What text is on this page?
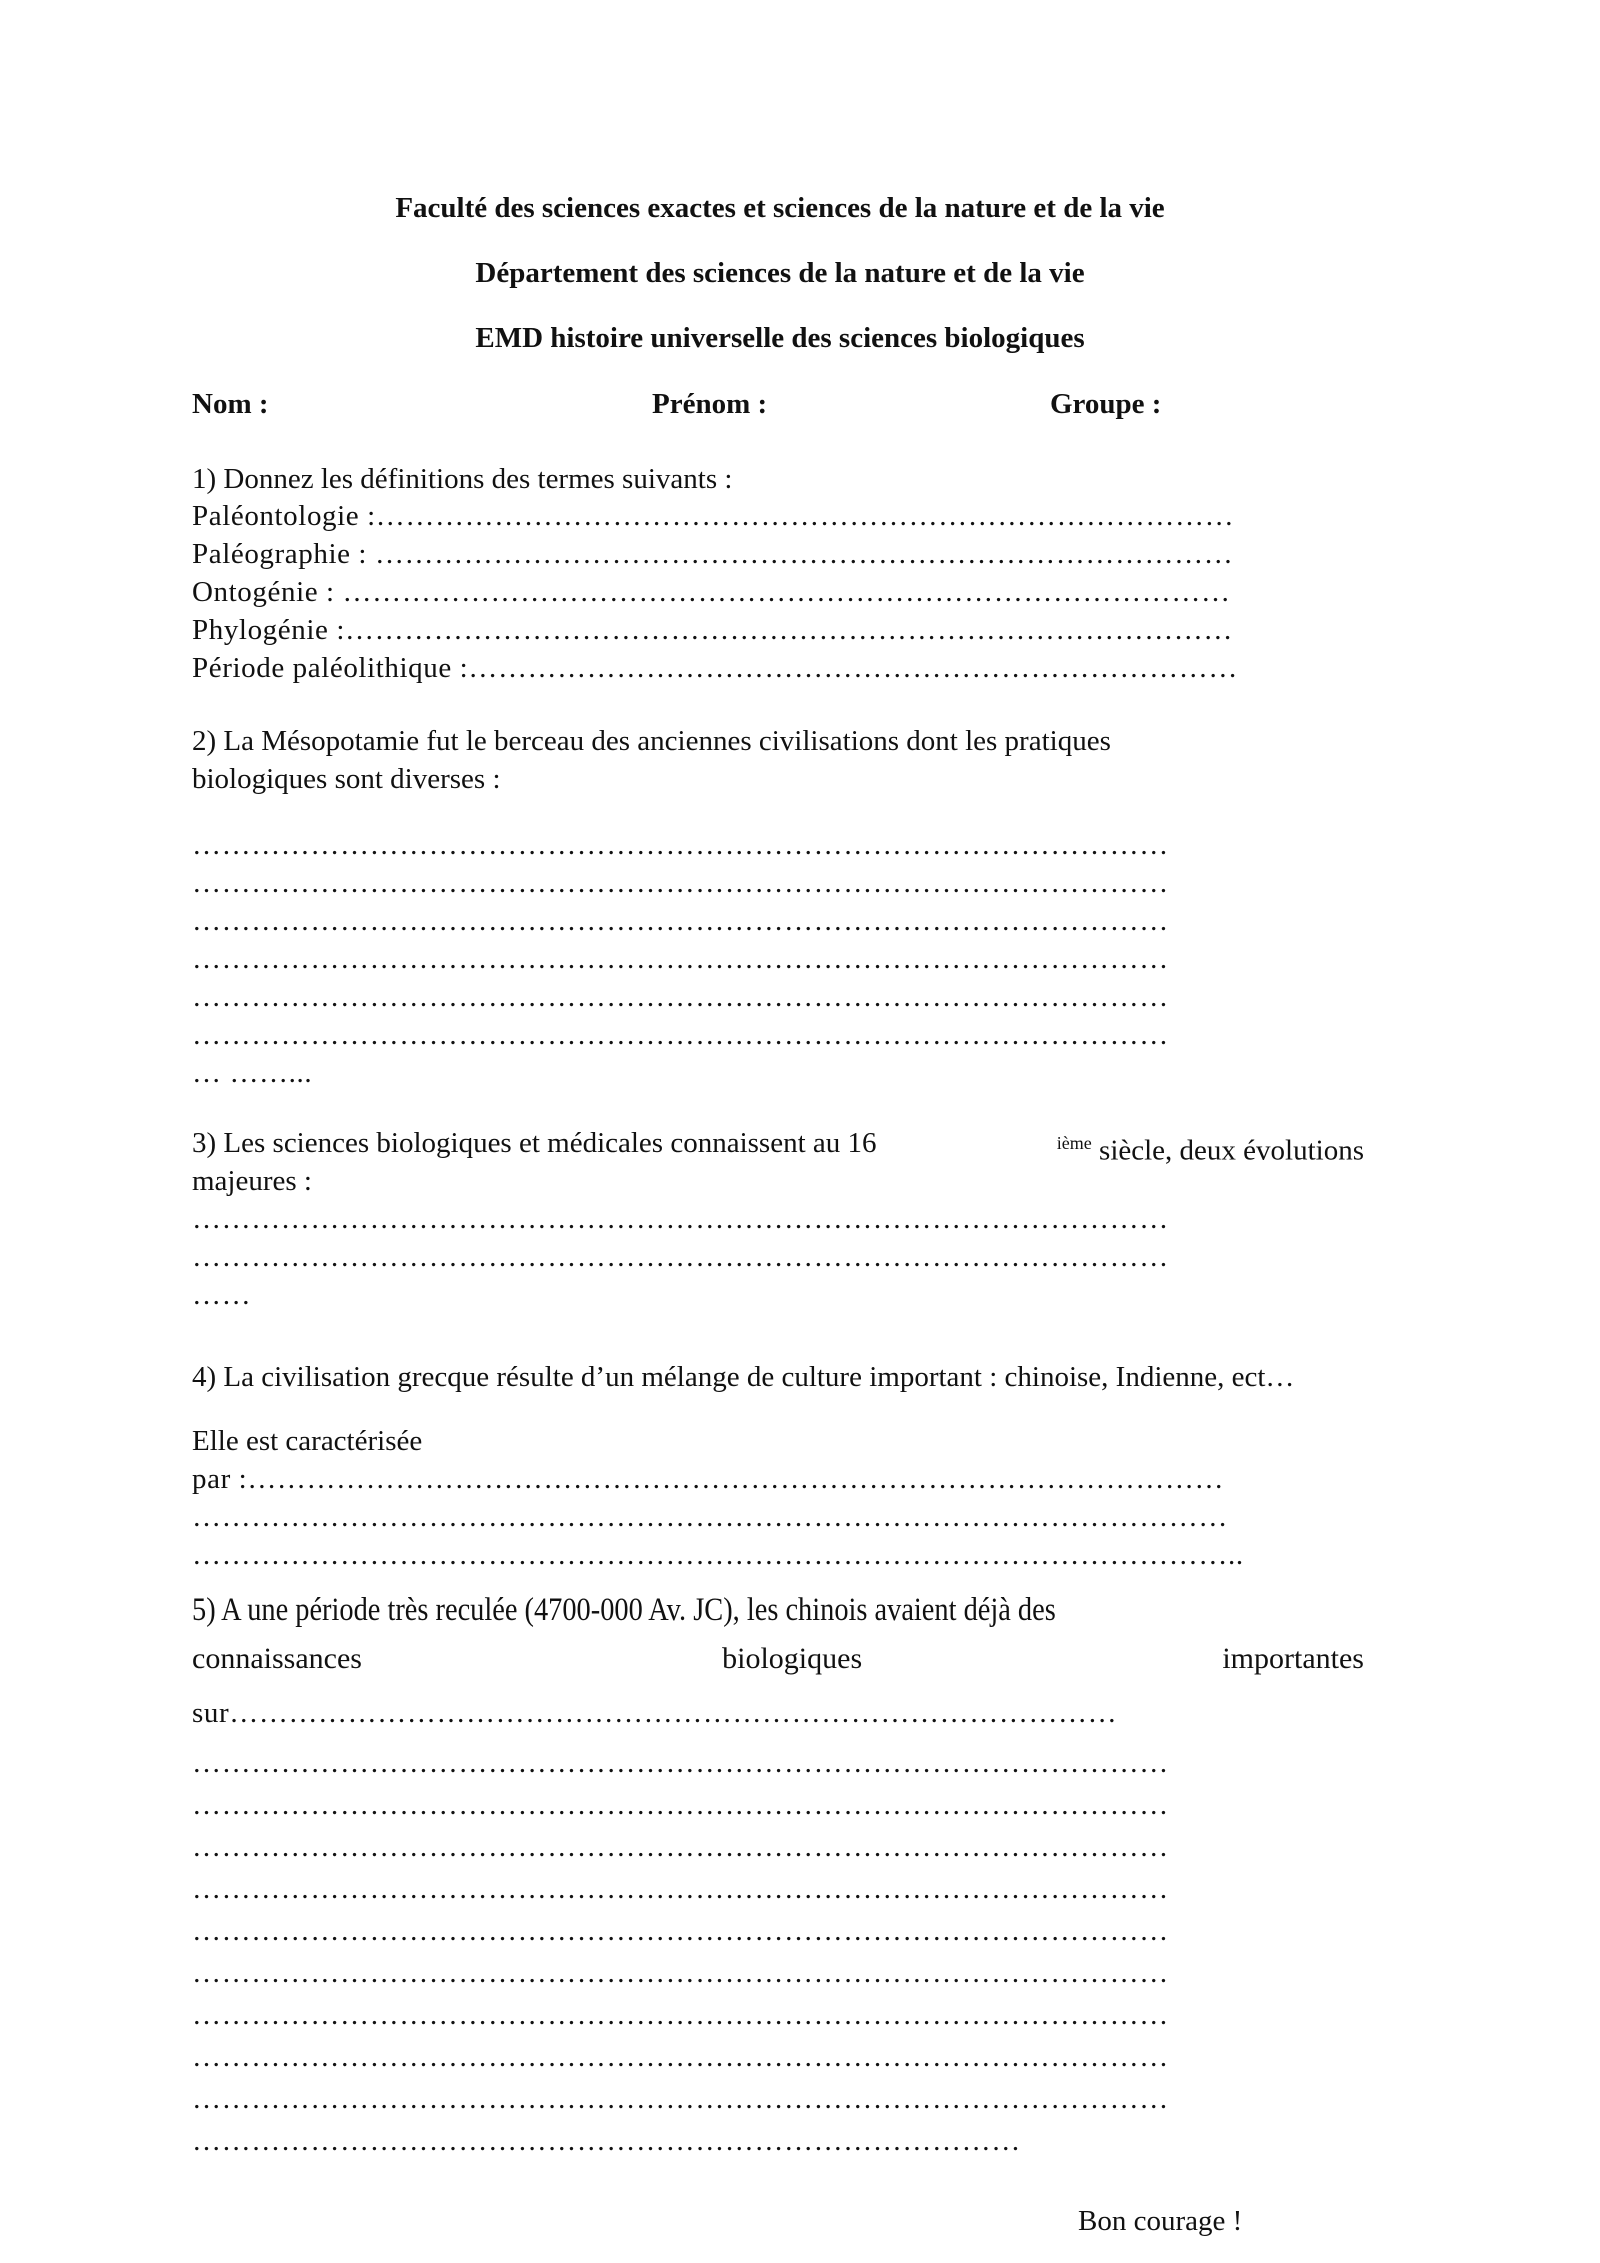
Faculté des sciences exactes et sciences de la nature et de la vie
Département des sciences de la nature et de la vie
EMD histoire universelle des sciences biologiques
Nom :	Prénom :	Groupe :
1) Donnez les définitions des termes suivants :
Paléontologie :……………………………………………………………………………
Paléographie : ……………………………………………………………………………
Ontogénie : ………………………………………………………………………………
Phylogénie :………………………………………………………………………………
Période paléolithique :……………………………………………………………………
2) La Mésopotamie fut le berceau des anciennes civilisations dont les pratiques
biologiques sont diverses :
………………………………………………………………………………………
………………………………………………………………………………………
………………………………………………………………………………………
………………………………………………………………………………………
………………………………………………………………………………………
………………………………………………………………………………………
… ……...
3) Les sciences biologiques et médicales connaissent au 16	$^{ième}$ siècle, deux évolutions
majeures :
………………………………………………………………………………………
………………………………………………………………………………………
……
4) La civilisation grecque résulte d’un mélange de culture important : chinoise, Indienne, ect…
Elle est caractérisée
par :………………………………………………………………………………………
……………………………………………………………………………………………
……………………………………………………………………………………………..
5) A une période très reculée (4700-000 Av. JC), les chinois avaient déjà des
connaissances	biologiques	importantes
sur………………………………………………………………………………
………………………………………………………………………………………
………………………………………………………………………………………
………………………………………………………………………………………
………………………………………………………………………………………
………………………………………………………………………………………
………………………………………………………………………………………
………………………………………………………………………………………
………………………………………………………………………………………
………………………………………………………………………………………
…………………………………………………………………………
Bon courage !
